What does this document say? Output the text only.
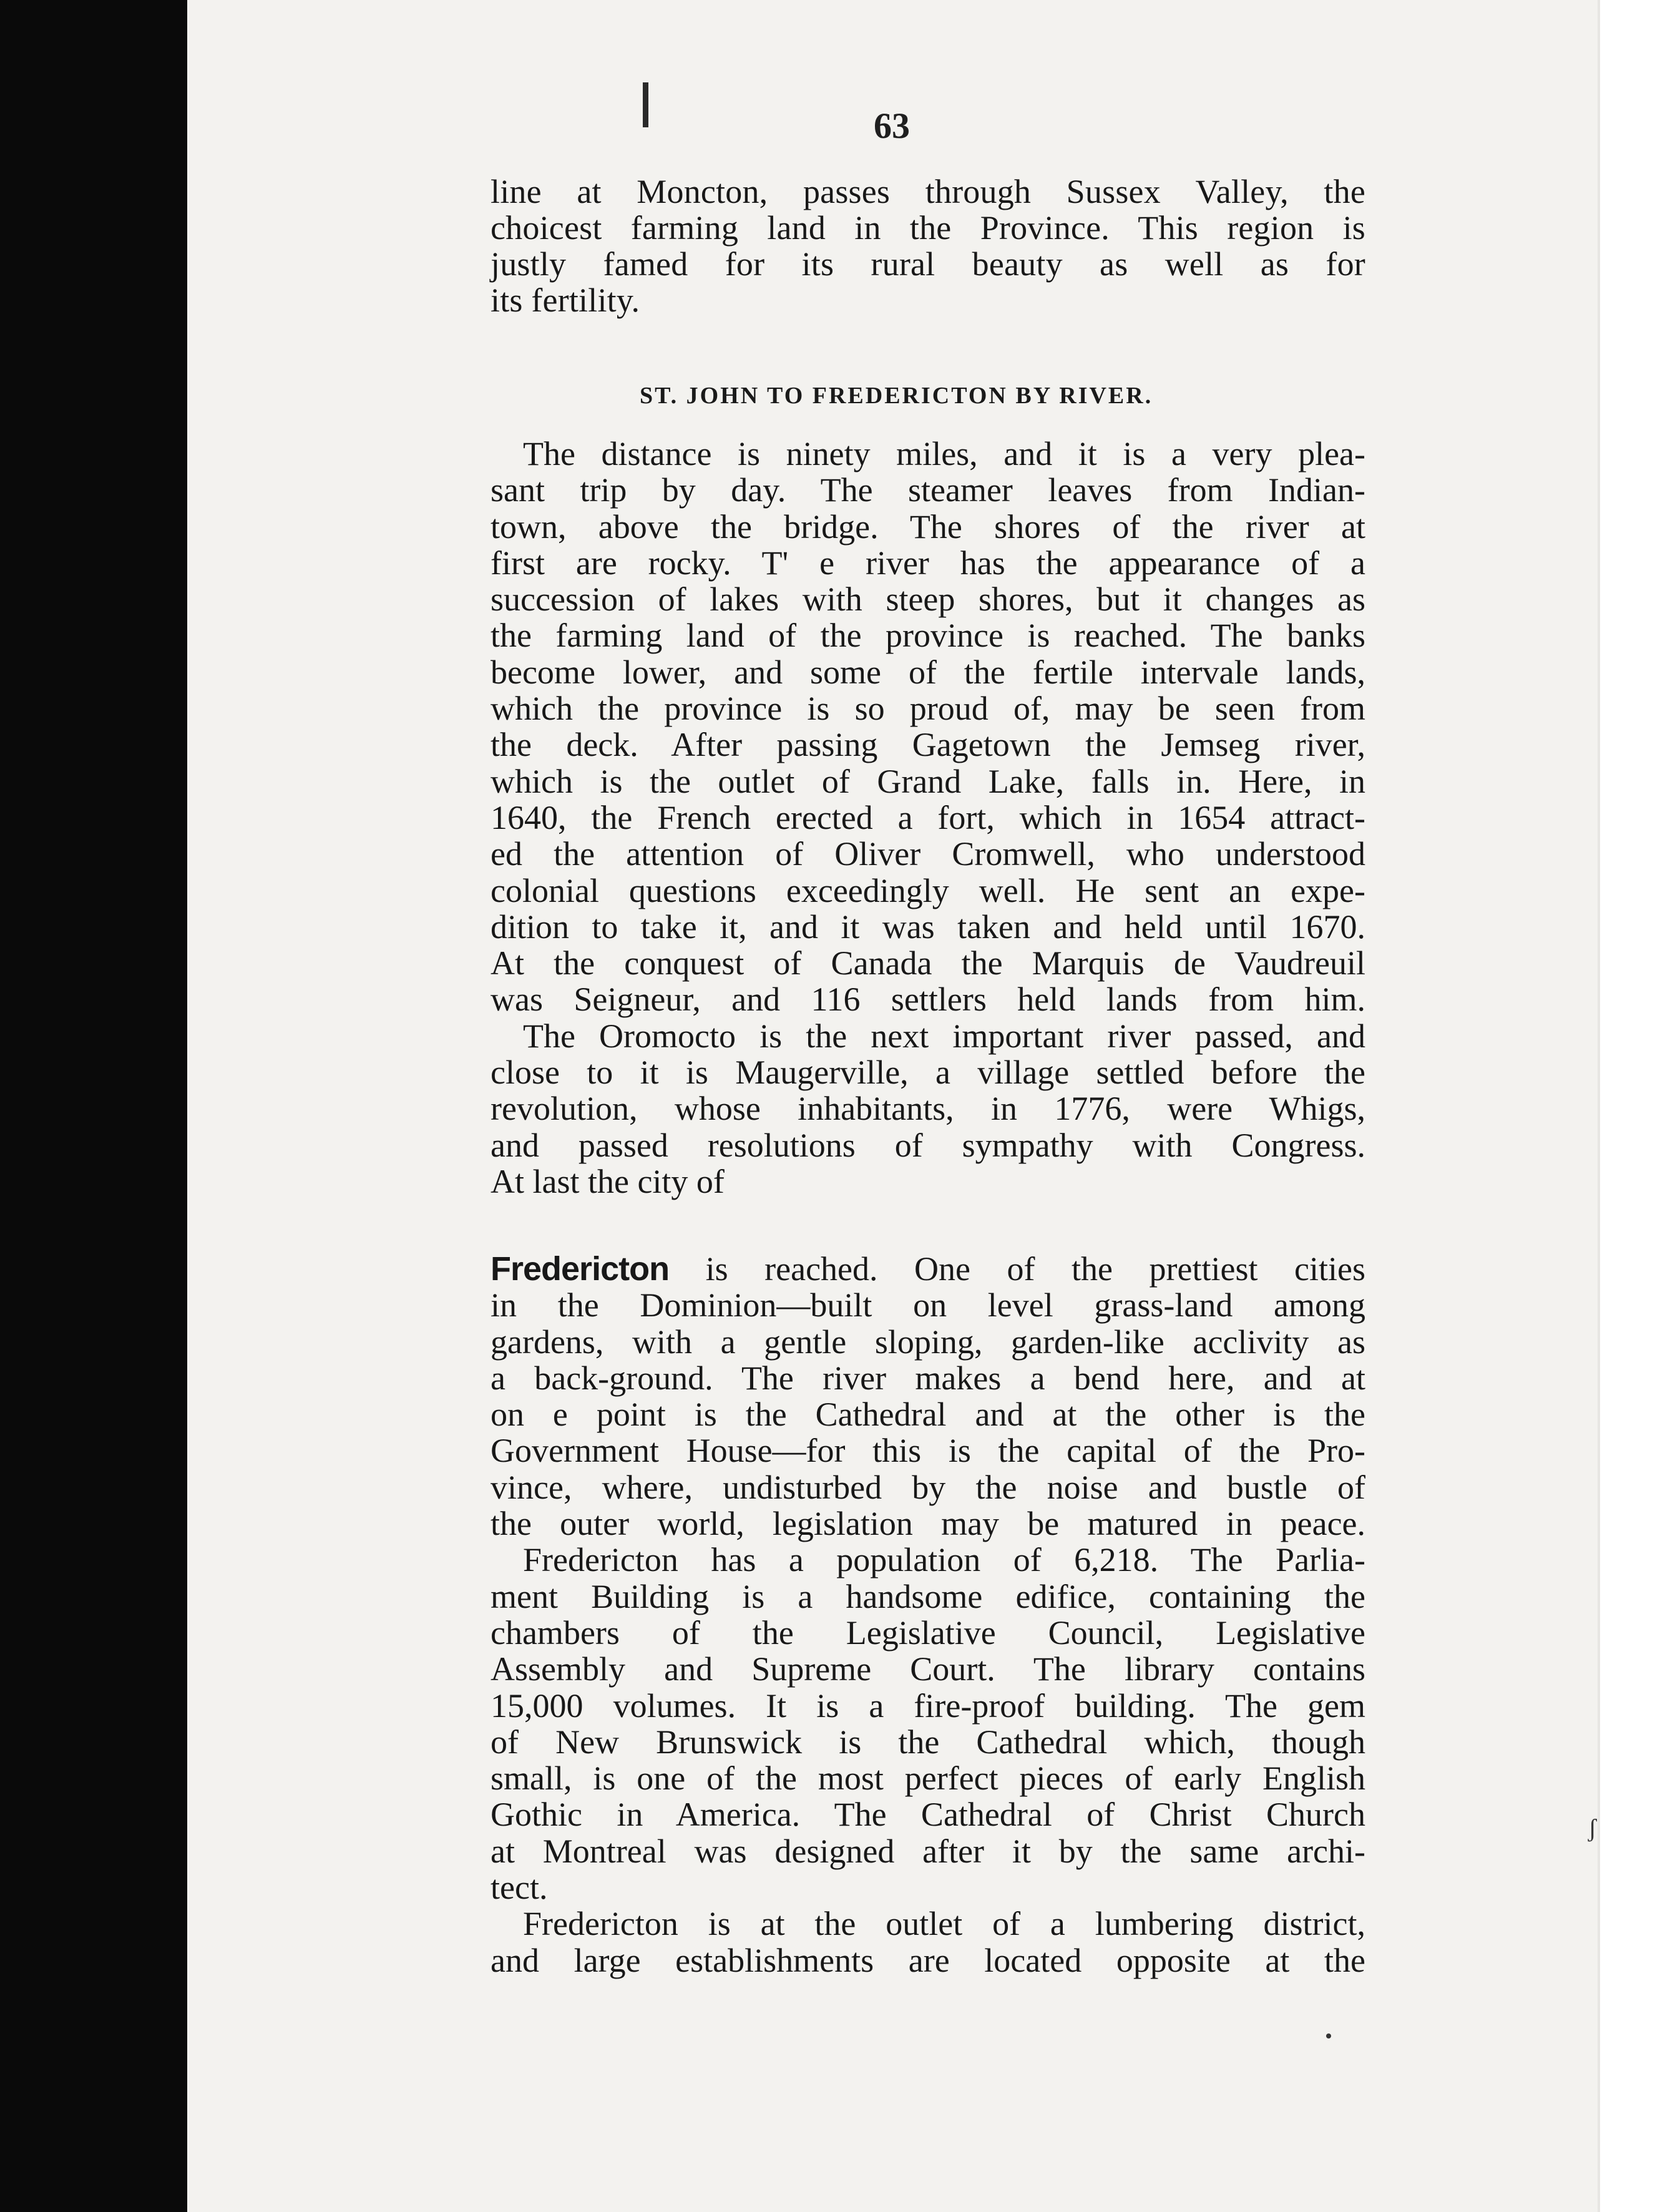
63
line at Moncton, passes through Sussex Valley, the
choicest farming land in the Province. This region is
justly famed for its rural beauty as well as for
its fertility.
ST. JOHN TO FREDERICTON BY RIVER.
The distance is ninety miles, and it is a very plea-
sant trip by day. The steamer leaves from Indian-
town, above the bridge. The shores of the river at
first are rocky. T' e river has the appearance of a
succession of lakes with steep shores, but it changes as
the farming land of the province is reached. The banks
become lower, and some of the fertile intervale lands,
which the province is so proud of, may be seen from
the deck. After passing Gagetown the Jemseg river,
which is the outlet of Grand Lake, falls in. Here, in
1640, the French erected a fort, which in 1654 attract-
ed the attention of Oliver Cromwell, who understood
colonial questions exceedingly well. He sent an expe-
dition to take it, and it was taken and held until 1670.
At the conquest of Canada the Marquis de Vaudreuil
was Seigneur, and 116 settlers held lands from him.
The Oromocto is the next important river passed, and
close to it is Maugerville, a village settled before the
revolution, whose inhabitants, in 1776, were Whigs,
and passed resolutions of sympathy with Congress.
At last the city of
Fredericton is reached. One of the prettiest cities
in the Dominion—built on level grass-land among
gardens, with a gentle sloping, garden-like acclivity as
a back-ground. The river makes a bend here, and at
on e point is the Cathedral and at the other is the
Government House—for this is the capital of the Pro-
vince, where, undisturbed by the noise and bustle of
the outer world, legislation may be matured in peace.
Fredericton has a population of 6,218. The Parlia-
ment Building is a handsome edifice, containing the
chambers of the Legislative Council, Legislative
Assembly and Supreme Court. The library contains
15,000 volumes. It is a fire-proof building. The gem
of New Brunswick is the Cathedral which, though
small, is one of the most perfect pieces of early English
Gothic in America. The Cathedral of Christ Church
at Montreal was designed after it by the same archi-
tect.
Fredericton is at the outlet of a lumbering district,
and large establishments are located opposite at the
ʃ
